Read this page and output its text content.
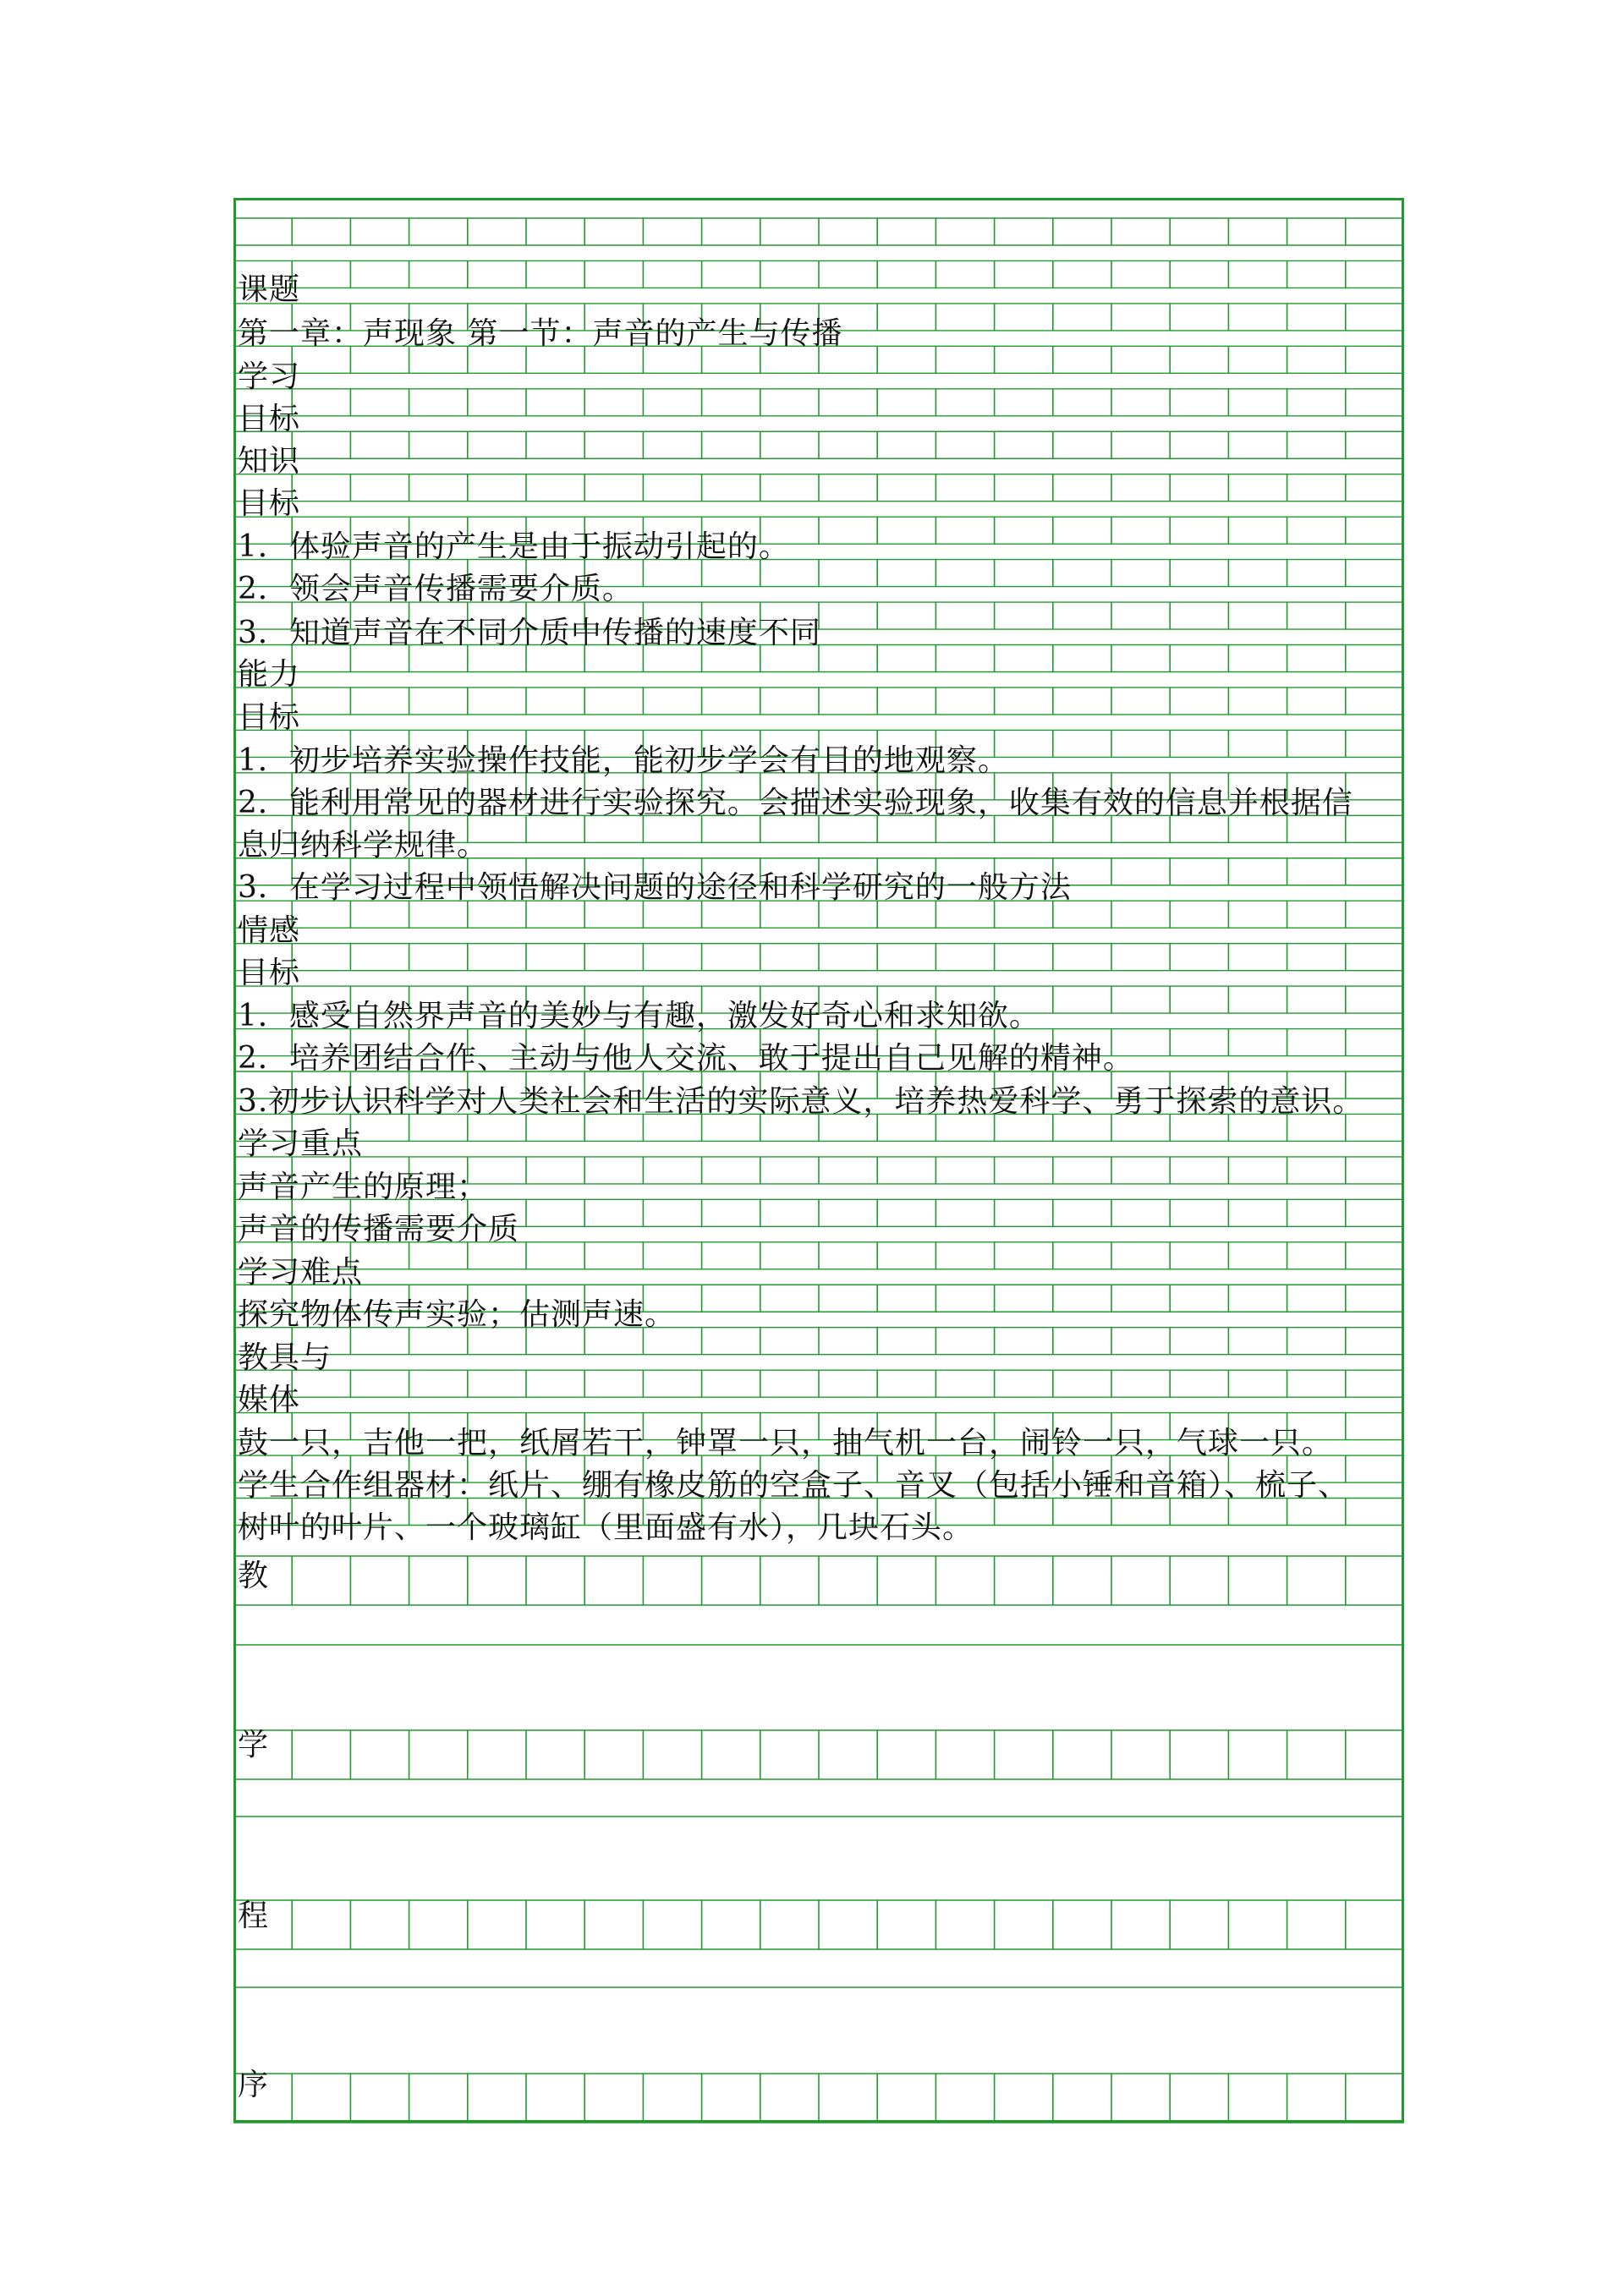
课题
第一章：声现象 第一节：声音的产生与传播
学习
目标
知识
目标
1．体验声音的产生是由于振动引起的。
2．领会声音传播需要介质。
3．知道声音在不同介质中传播的速度不同
能力
目标
1．初步培养实验操作技能，能初步学会有目的地观察。
2．能利用常见的器材进行实验探究。会描述实验现象，收集有效的信息并根据信
息归纳科学规律。
3．在学习过程中领悟解决问题的途径和科学研究的一般方法
情感
目标
1．感受自然界声音的美妙与有趣，激发好奇心和求知欲。
2．培养团结合作、主动与他人交流、敢于提出自己见解的精神。
3.初步认识科学对人类社会和生活的实际意义，培养热爱科学、勇于探索的意识。
学习重点
声音产生的原理；
声音的传播需要介质
学习难点
探究物体传声实验；估测声速。
教具与
媒体
鼓一只，吉他一把，纸屑若干，钟罩一只，抽气机一台，闹铃一只，气球一只。
学生合作组器材：纸片、绷有橡皮筋的空盒子、音叉（包括小锤和音箱）、梳子、
树叶的叶片、一个玻璃缸（里面盛有水），几块石头。
教
学
程
序
